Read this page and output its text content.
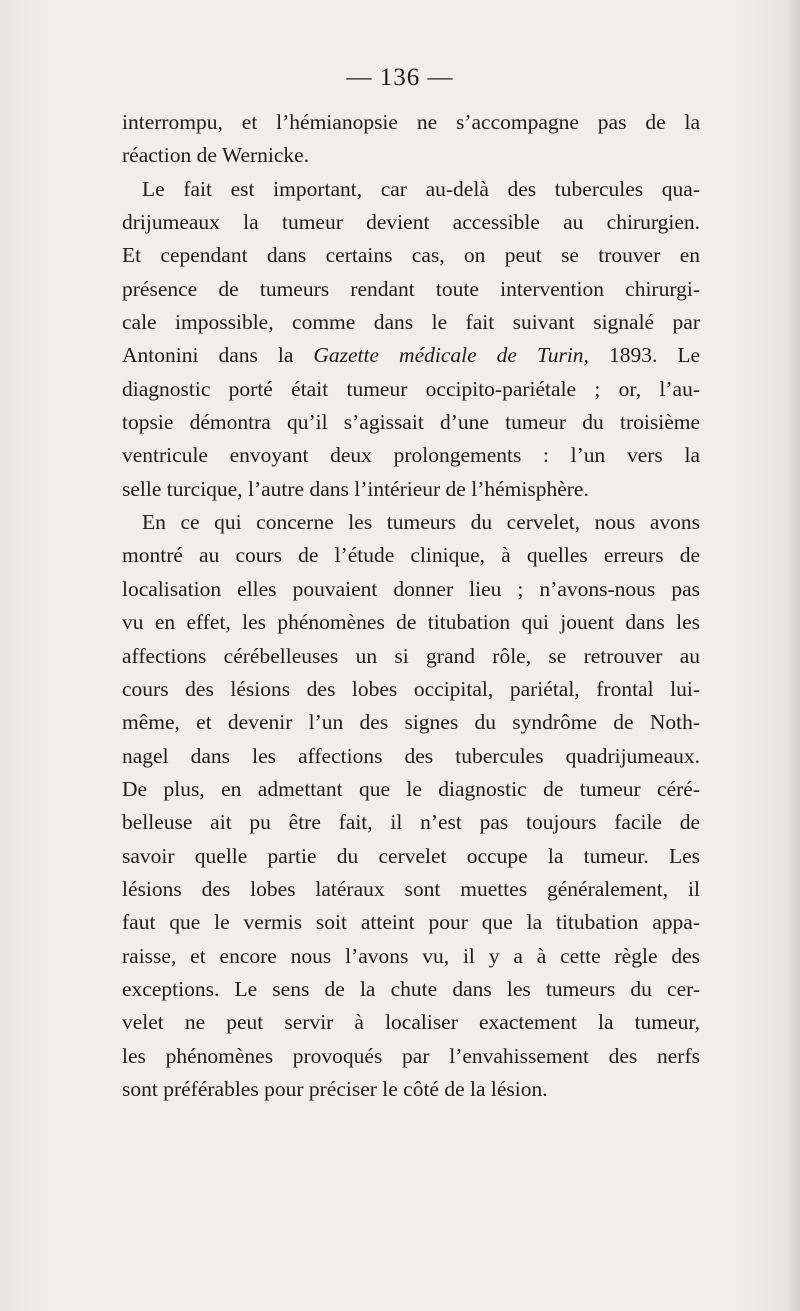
— 136 —
interrompu, et l’hémianopsie ne s’accompagne pas de la
réaction de Wernicke.
Le fait est important, car au-delà des tubercules qua-
drijumeaux la tumeur devient accessible au chirurgien.
Et cependant dans certains cas, on peut se trouver en
présence de tumeurs rendant toute intervention chirurgi-
cale impossible, comme dans le fait suivant signalé par
Antonini dans la Gazette médicale de Turin, 1893. Le
diagnostic porté était tumeur occipito-pariétale ; or, l’au-
topsie démontra qu’il s’agissait d’une tumeur du troisième
ventricule envoyant deux prolongements : l’un vers la
selle turcique, l’autre dans l’intérieur de l’hémisphère.
En ce qui concerne les tumeurs du cervelet, nous avons
montré au cours de l’étude clinique, à quelles erreurs de
localisation elles pouvaient donner lieu ; n’avons-nous pas
vu en effet, les phénomènes de titubation qui jouent dans les
affections cérébelleuses un si grand rôle, se retrouver au
cours des lésions des lobes occipital, pariétal, frontal lui-
même, et devenir l’un des signes du syndrôme de Noth-
nagel dans les affections des tubercules quadrijumeaux.
De plus, en admettant que le diagnostic de tumeur céré-
belleuse ait pu être fait, il n’est pas toujours facile de
savoir quelle partie du cervelet occupe la tumeur. Les
lésions des lobes latéraux sont muettes généralement, il
faut que le vermis soit atteint pour que la titubation appa-
raisse, et encore nous l’avons vu, il y a à cette règle des
exceptions. Le sens de la chute dans les tumeurs du cer-
velet ne peut servir à localiser exactement la tumeur,
les phénomènes provoqués par l’envahissement des nerfs
sont préférables pour préciser le côté de la lésion.
